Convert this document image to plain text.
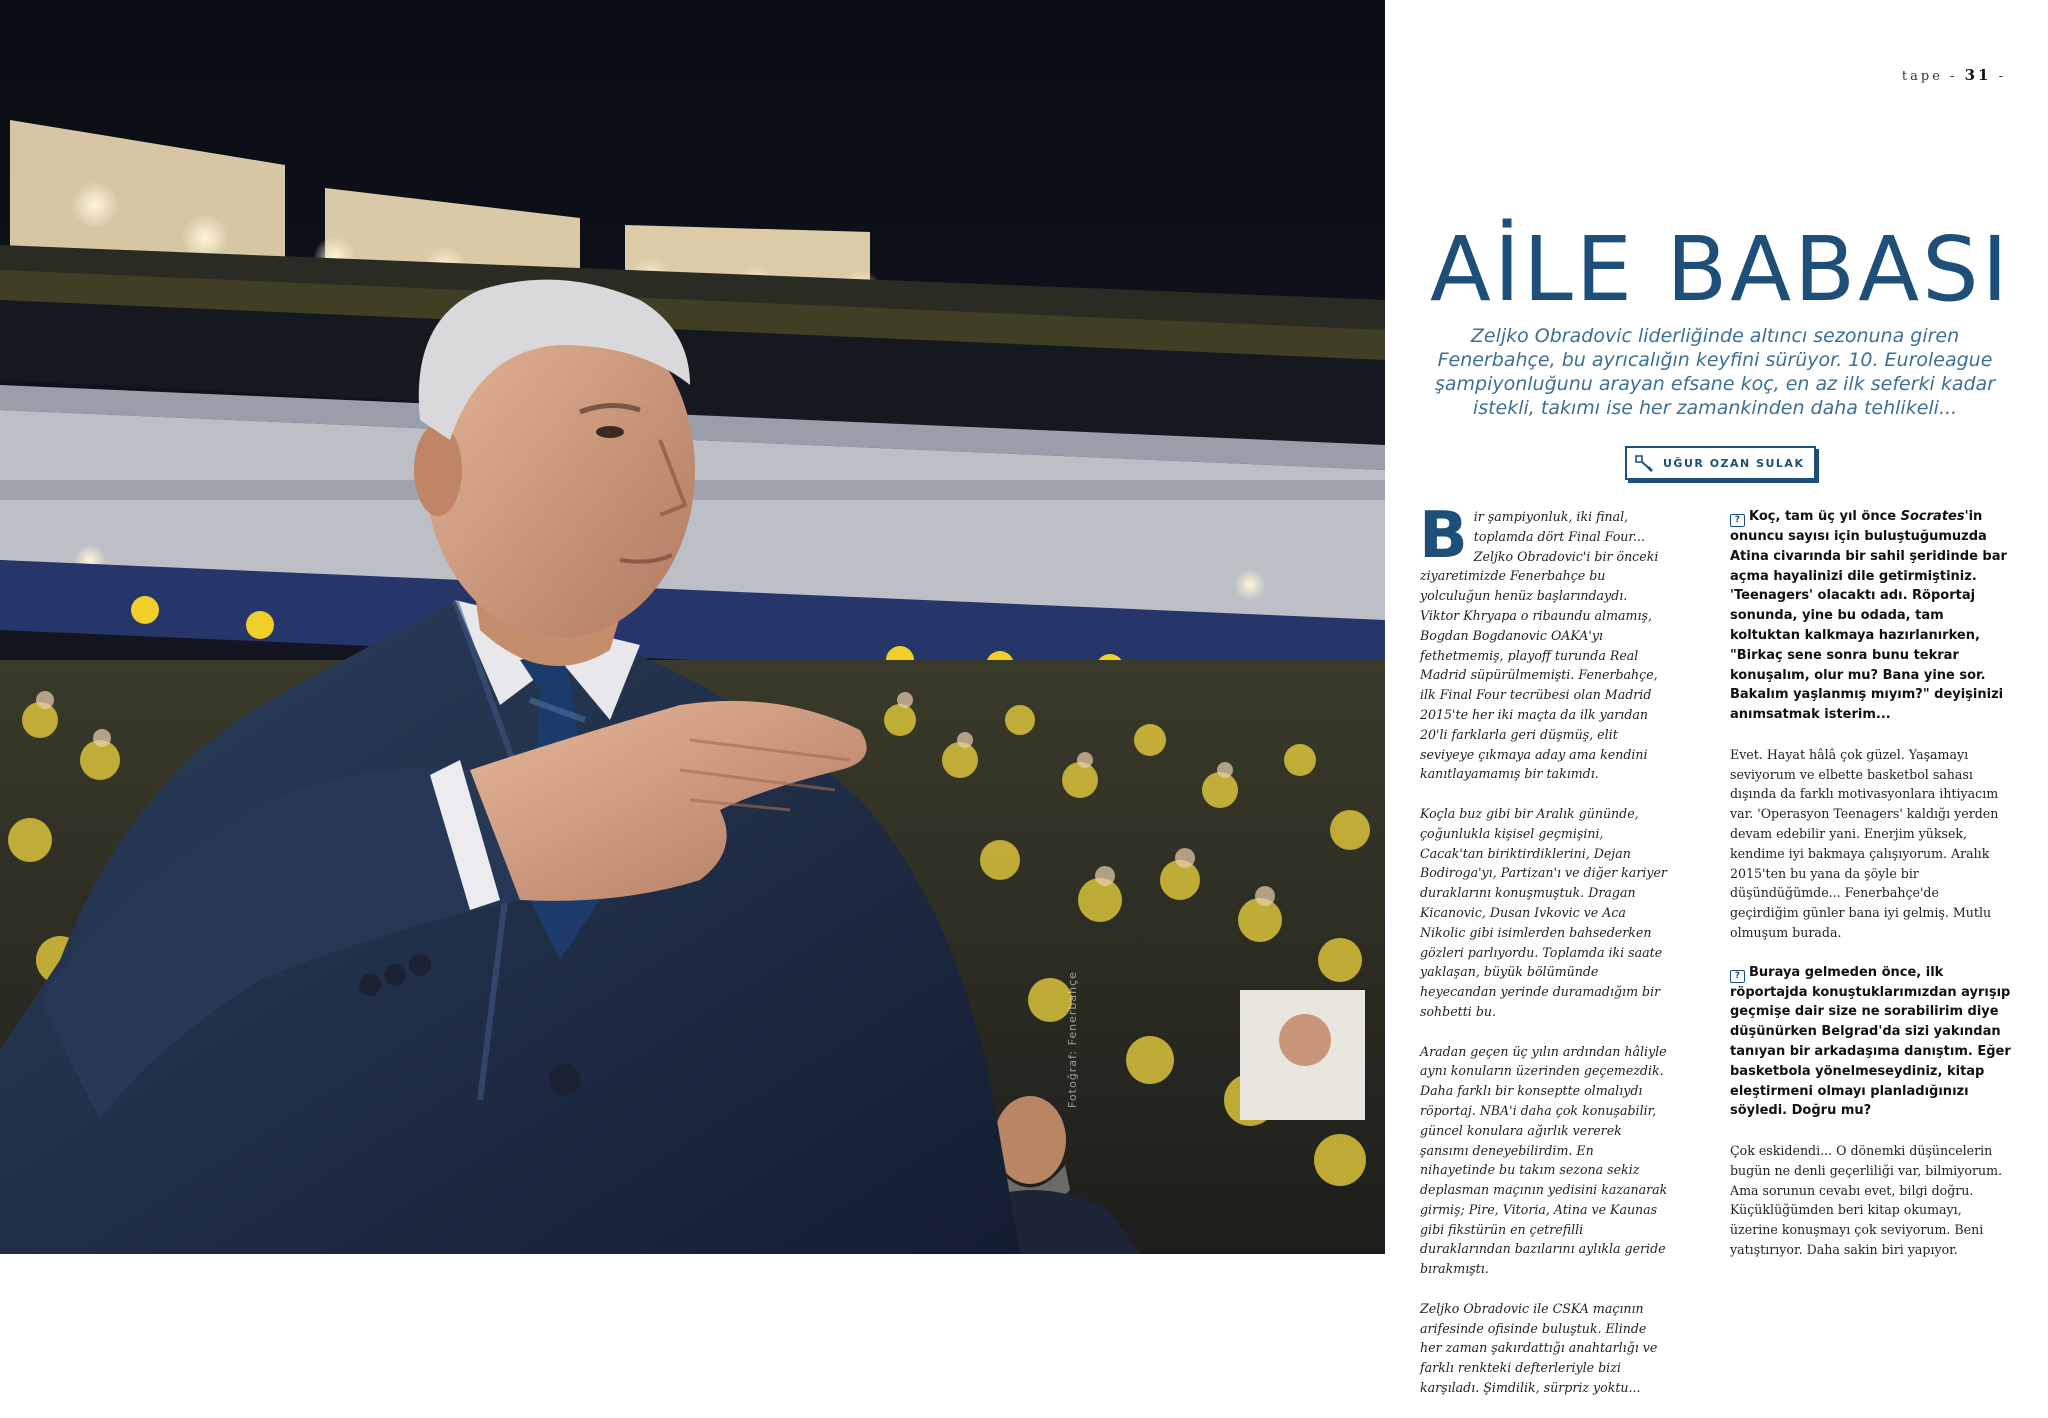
Fotoğraf: Fenerbahçe
tape - 31 -
AİLE BABASI

Zeljko Obradovic liderliğinde altıncı sezonuna giren Fenerbahçe, bu ayrıcalığın keyfini sürüyor. 10. Euroleague şampiyonluğunu arayan efsane koç, en az ilk seferki kadar istekli, takımı ise her zamankinden daha tehlikeli...

UĞUR OZAN SULAK

Bir şampiyonluk, iki final, toplamda dört Final Four... Zeljko Obradovic'i bir önceki ziyaretimizde Fenerbahçe bu yolculuğun henüz başlarındaydı. Viktor Khryapa o ribaundu almamış, Bogdan Bogdanovic OAKA'yı fethetmemiş, playoff turunda Real Madrid süpürülmemişti. Fenerbahçe, ilk Final Four tecrübesi olan Madrid 2015'te her iki maçta da ilk yarıdan 20'li farklarla geri düşmüş, elit seviyeye çıkmaya aday ama kendini kanıtlayamamış bir takımdı.

Koçla buz gibi bir Aralık gününde, çoğunlukla kişisel geçmişini, Cacak'tan biriktirdiklerini, Dejan Bodiroga'yı, Partizan'ı ve diğer kariyer duraklarını konuşmuştuk. Dragan Kicanovic, Dusan Ivkovic ve Aca Nikolic gibi isimlerden bahsederken gözleri parlıyordu. Toplamda iki saate yaklaşan, büyük bölümünde heyecandan yerinde duramadığım bir sohbetti bu.

Aradan geçen üç yılın ardından hâliyle aynı konuların üzerinden geçemezdik. Daha farklı bir konseptte olmalıydı röportaj. NBA'i daha çok konuşabilir, güncel konulara ağırlık vererek şansımı deneyebilirdim. En nihayetinde bu takım sezona sekiz deplasman maçının yedisini kazanarak girmiş; Pire, Vitoria, Atina ve Kaunas gibi fikstürün en çetrefilli duraklarından bazılarını aylıkla geride bırakmıştı.

Zeljko Obradovic ile CSKA maçının arifesinde ofisinde buluştuk. Elinde her zaman şakırdattığı anahtarlığı ve farklı renkteki defterleriyle bizi karşıladı. Şimdilik, sürpriz yoktu...

? Koç, tam üç yıl önce Socrates'in onuncu sayısı için buluştuğumuzda Atina civarında bir sahil şeridinde bar açma hayalinizi dile getirmiştiniz. 'Teenagers' olacaktı adı. Röportaj sonunda, yine bu odada, tam koltuktan kalkmaya hazırlanırken, "Birkaç sene sonra bunu tekrar konuşalım, olur mu? Bana yine sor. Bakalım yaşlanmış mıyım?" deyişinizi anımsatmak isterim...

Evet. Hayat hâlâ çok güzel. Yaşamayı seviyorum ve elbette basketbol sahası dışında da farklı motivasyonlara ihtiyacım var. 'Operasyon Teenagers' kaldığı yerden devam edebilir yani. Enerjim yüksek, kendime iyi bakmaya çalışıyorum. Aralık 2015'ten bu yana da şöyle bir düşündüğümde... Fenerbahçe'de geçirdiğim günler bana iyi gelmiş. Mutlu olmuşum burada.

? Buraya gelmeden önce, ilk röportajda konuştuklarımızdan ayrışıp geçmişe dair size ne sorabilirim diye düşünürken Belgrad'da sizi yakından tanıyan bir arkadaşıma danıştım. Eğer basketbola yönelmeseydiniz, kitap eleştirmeni olmayı planladığınızı söyledi. Doğru mu?

Çok eskidendi... O dönemki düşüncelerin bugün ne denli geçerliliği var, bilmiyorum. Ama sorunun cevabı evet, bilgi doğru. Küçüklüğümden beri kitap okumayı, üzerine konuşmayı çok seviyorum. Beni yatıştırıyor. Daha sakin biri yapıyor.
